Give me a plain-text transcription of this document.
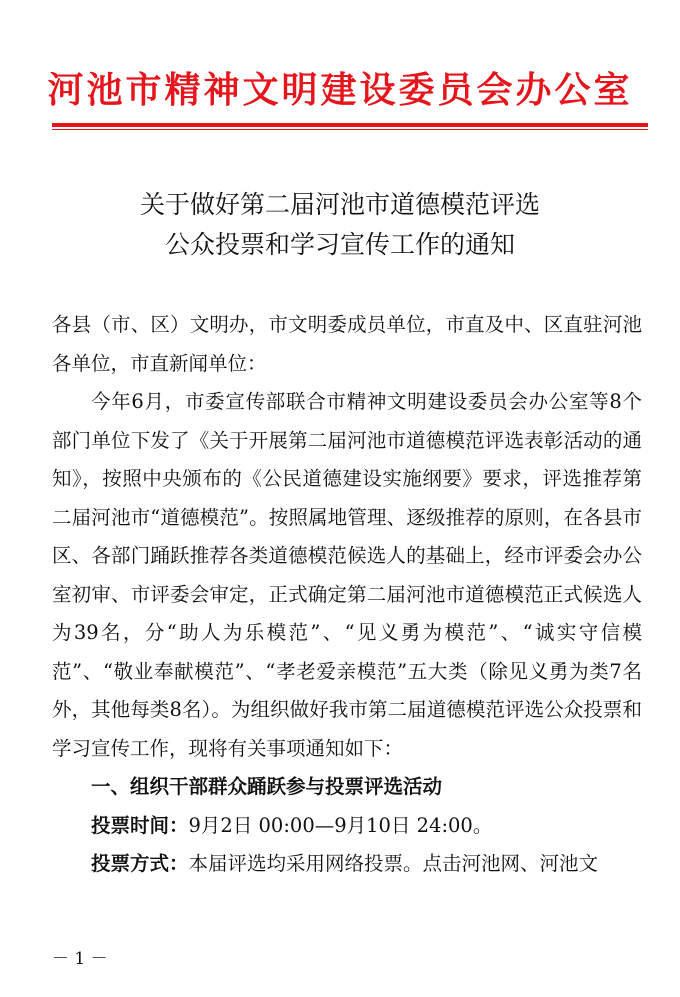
河池市精神文明建设委员会办公室
关于做好第二届河池市道德模范评选
公众投票和学习宣传工作的通知

各县（市、区）文明办，市文明委成员单位，市直及中、区直驻河池各单位，市直新闻单位：

今年6月，市委宣传部联合市精神文明建设委员会办公室等8个部门单位下发了《关于开展第二届河池市道德模范评选表彰活动的通知》，按照中央颁布的《公民道德建设实施纲要》要求，评选推荐第二届河池市“道德模范”。按照属地管理、逐级推荐的原则，在各县市区、各部门踊跃推荐各类道德模范候选人的基础上，经市评委会办公室初审、市评委会审定，正式确定第二届河池市道德模范正式候选人为39名，分“助人为乐模范”、“见义勇为模范”、“诚实守信模范”、“敬业奉献模范”、“孝老爱亲模范”五大类（除见义勇为类7名外，其他每类8名）。为组织做好我市第二届道德模范评选公众投票和学习宣传工作，现将有关事项通知如下：

一、组织干部群众踊跃参与投票评选活动

投票时间：9月2日 00:00—9月10日 24:00。

投票方式：本届评选均采用网络投票。点击河池网、河池文

－ 1 －
